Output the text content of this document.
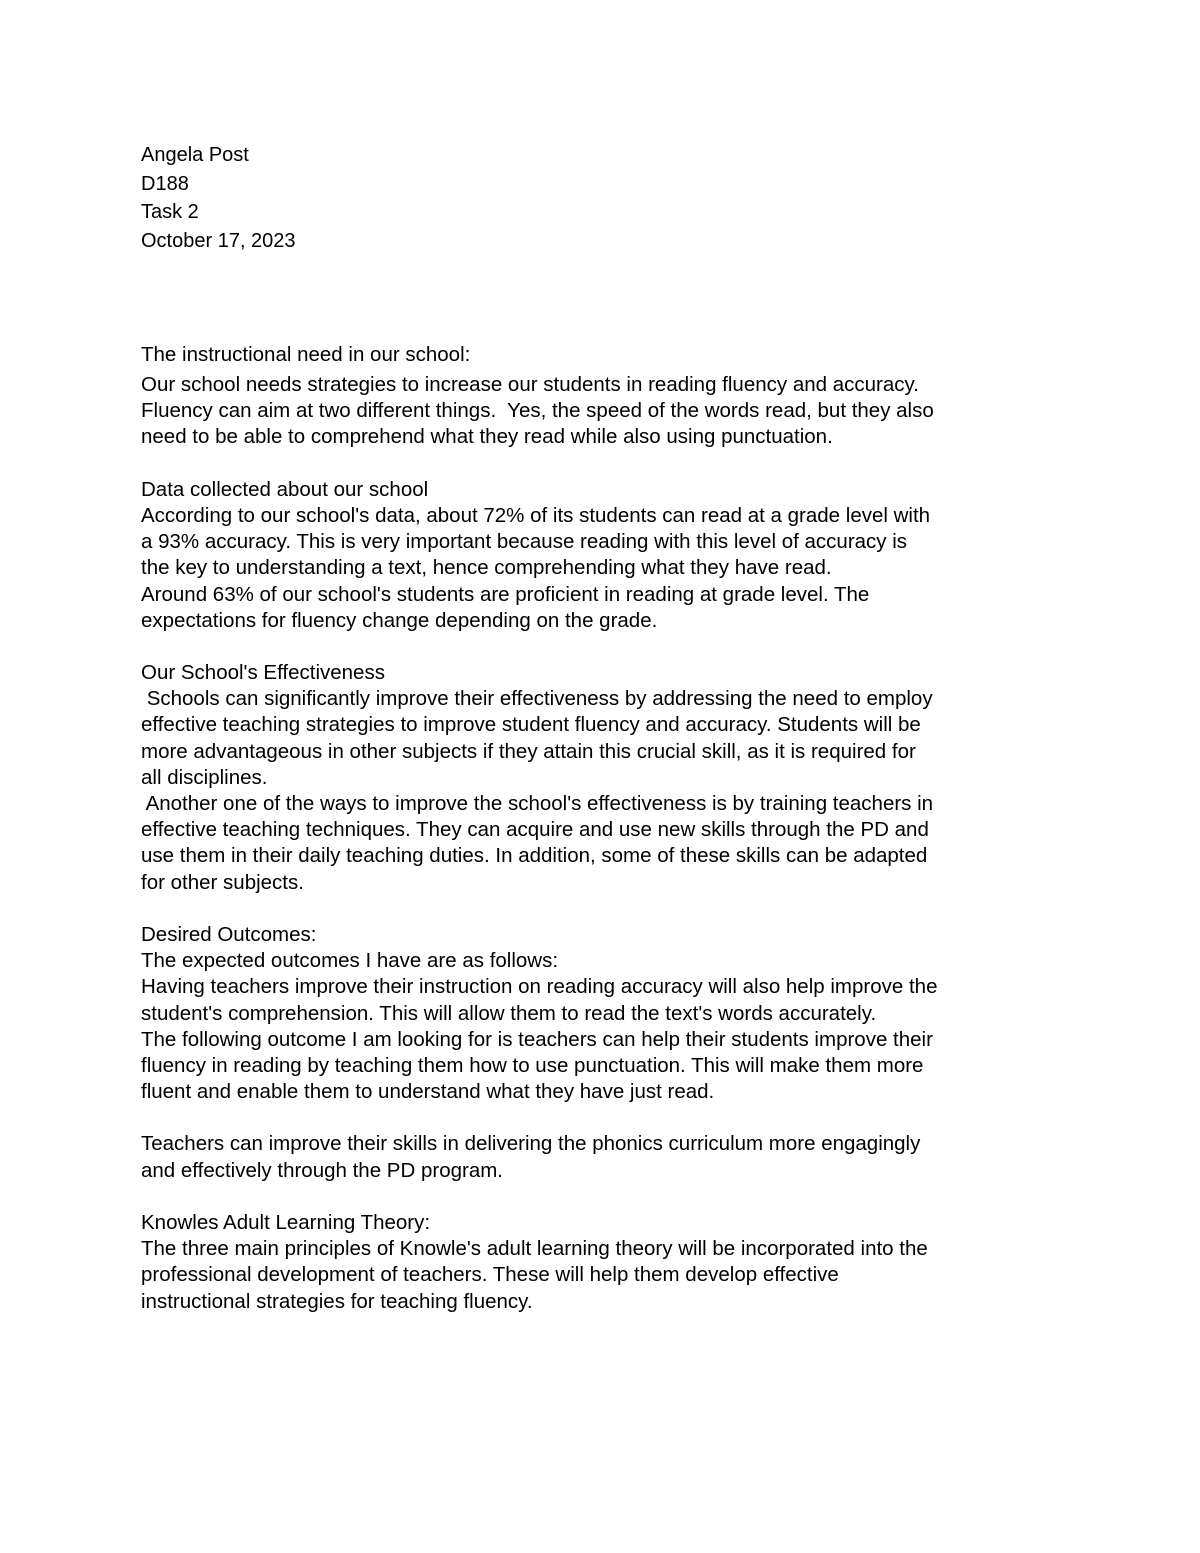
Angela Post
D188
Task 2
October 17, 2023
The instructional need in our school:
Our school needs strategies to increase our students in reading fluency and accuracy.
Fluency can aim at two different things.  Yes, the speed of the words read, but they also
need to be able to comprehend what they read while also using punctuation.
Data collected about our school
According to our school's data, about 72% of its students can read at a grade level with
a 93% accuracy. This is very important because reading with this level of accuracy is
the key to understanding a text, hence comprehending what they have read.
Around 63% of our school's students are proficient in reading at grade level. The
expectations for fluency change depending on the grade.
Our School's Effectiveness
Schools can significantly improve their effectiveness by addressing the need to employ
effective teaching strategies to improve student fluency and accuracy. Students will be
more advantageous in other subjects if they attain this crucial skill, as it is required for
all disciplines.
Another one of the ways to improve the school's effectiveness is by training teachers in
effective teaching techniques. They can acquire and use new skills through the PD and
use them in their daily teaching duties. In addition, some of these skills can be adapted
for other subjects.
Desired Outcomes:
The expected outcomes I have are as follows:
Having teachers improve their instruction on reading accuracy will also help improve the
student's comprehension. This will allow them to read the text's words accurately.
The following outcome I am looking for is teachers can help their students improve their
fluency in reading by teaching them how to use punctuation. This will make them more
fluent and enable them to understand what they have just read.
Teachers can improve their skills in delivering the phonics curriculum more engagingly
and effectively through the PD program.
Knowles Adult Learning Theory:
The three main principles of Knowle's adult learning theory will be incorporated into the
professional development of teachers. These will help them develop effective
instructional strategies for teaching fluency.
